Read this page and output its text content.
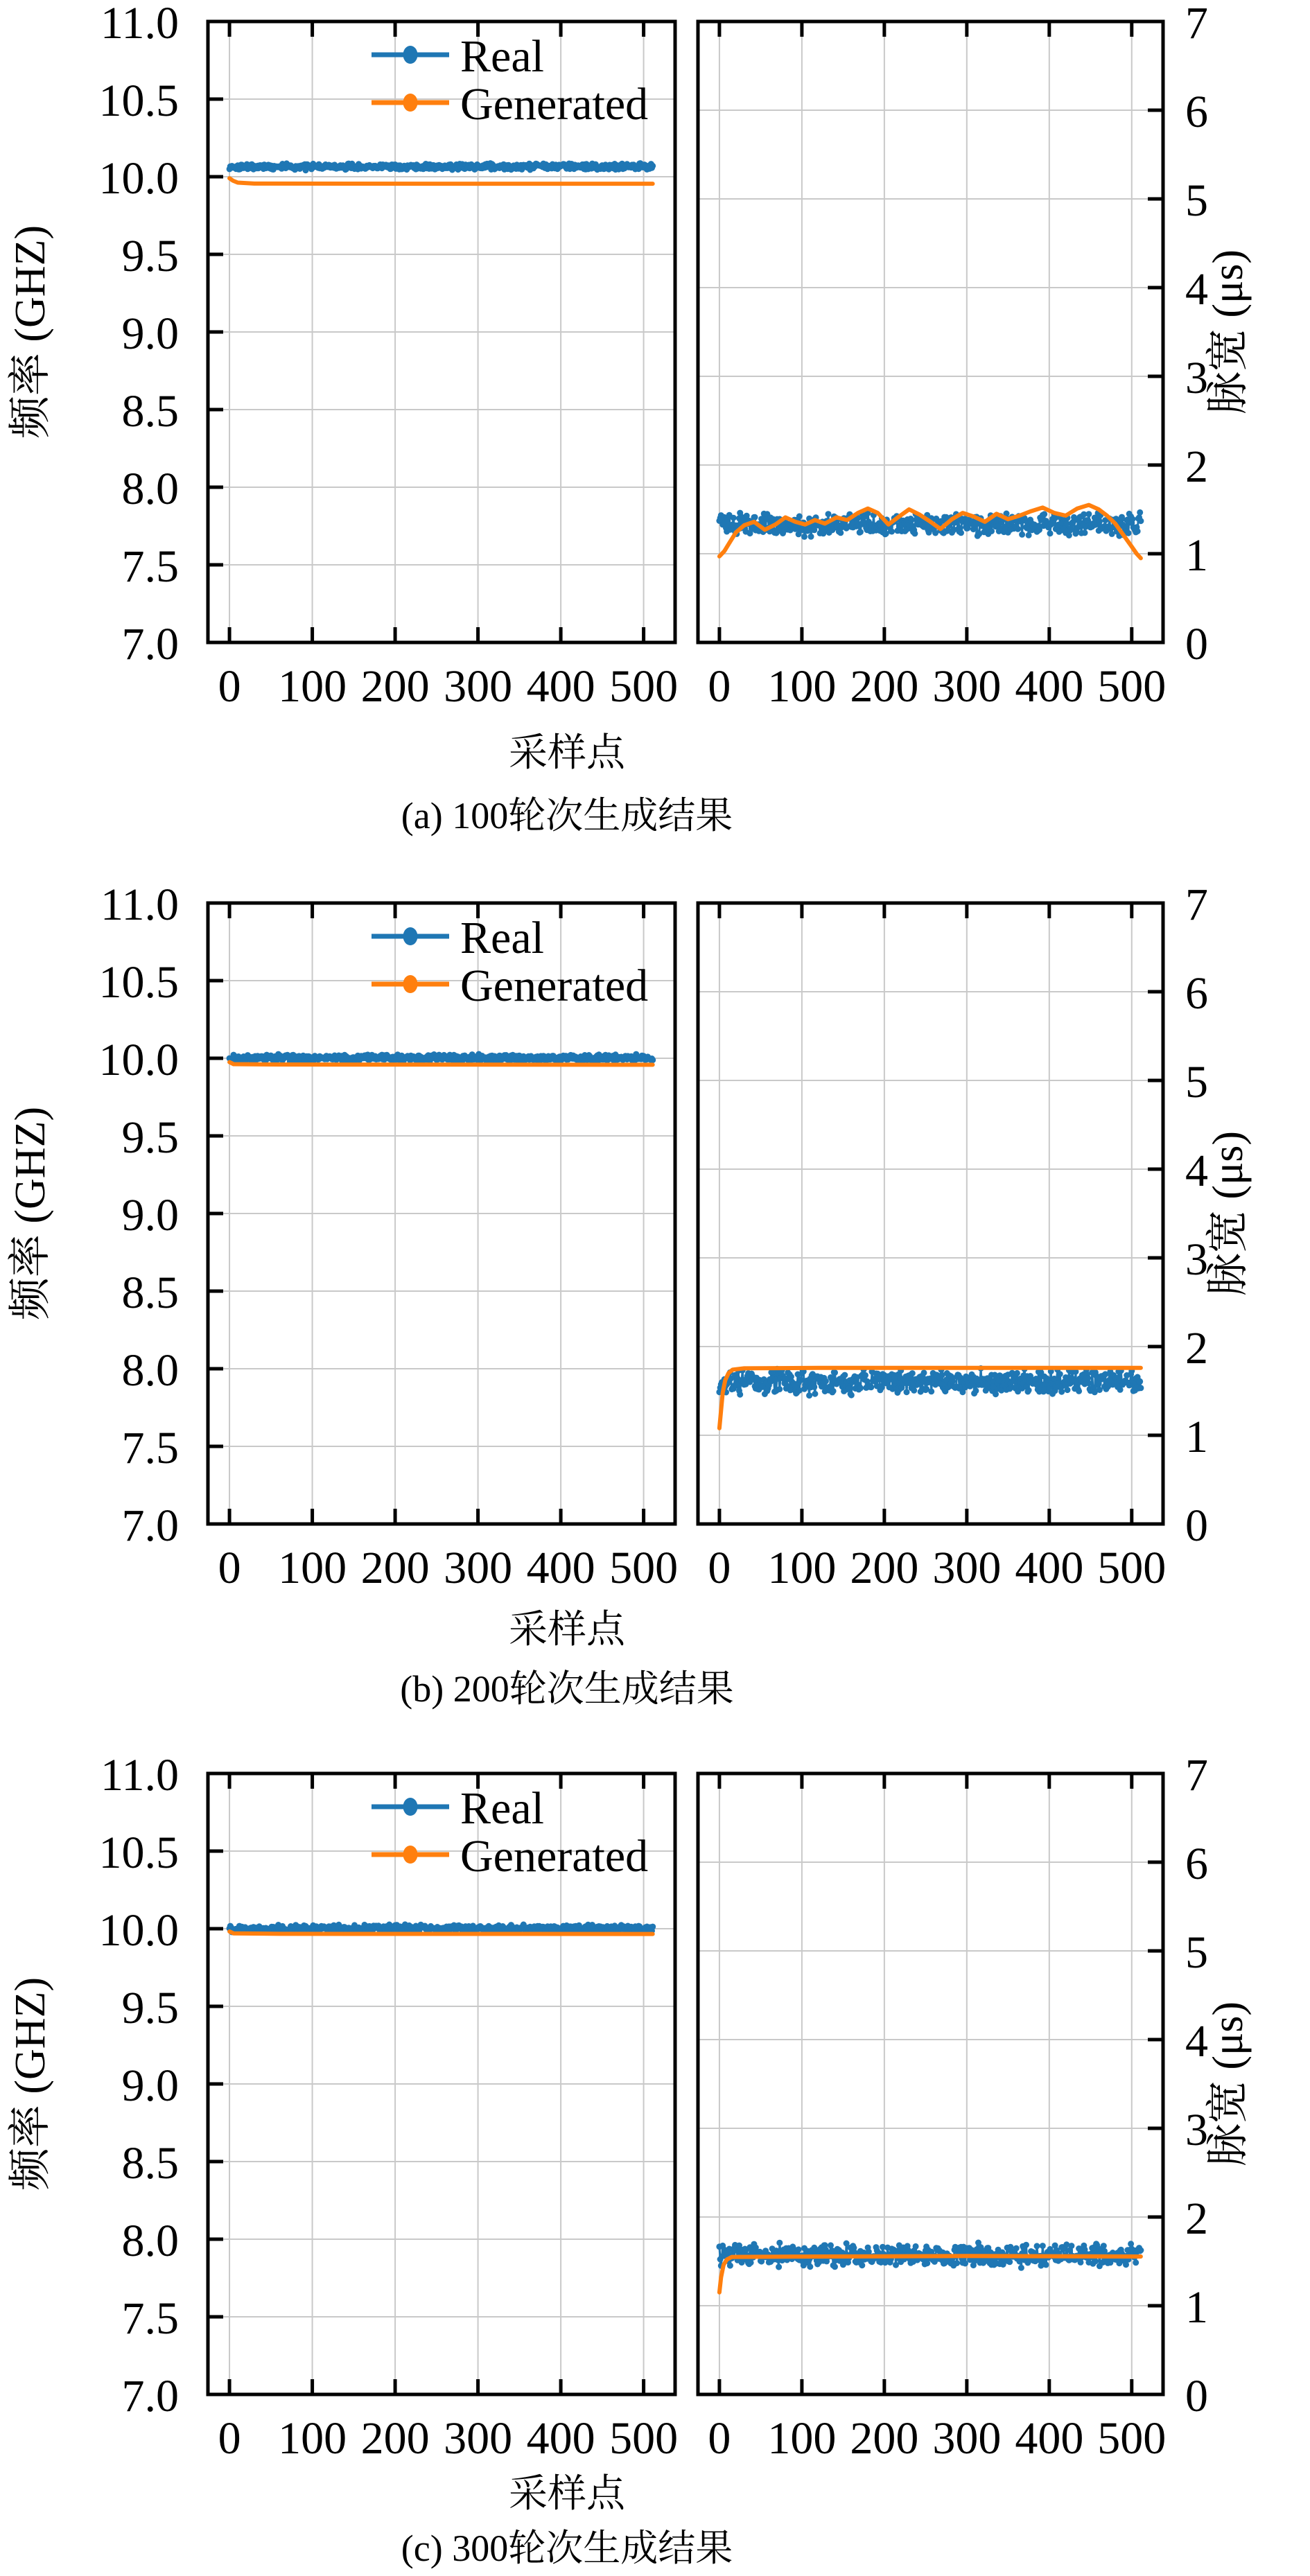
0 100 200 300 400 500
11.0
10.5
10.0
9.5
9.0
8.5
8.0
7.5
7.0
频率 (GHZ)
0 100 200 300 400 500
7
6
5
4
3
2
1
0
脉宽 (μs)
Real
Generated
采样点
(a) 100轮次生成结果
0 100 200 300 400 500
11.0
10.5
10.0
9.5
9.0
8.5
8.0
7.5
7.0
频率 (GHZ)
0 100 200 300 400 500
7
6
5
4
3
2
1
0
脉宽 (μs)
Real
Generated
采样点
(b) 200轮次生成结果
0 100 200 300 400 500
11.0
10.5
10.0
9.5
9.0
8.5
8.0
7.5
7.0
频率 (GHZ)
0 100 200 300 400 500
7
6
5
4
3
2
1
0
脉宽 (μs)
Real
Generated
采样点
(c) 300轮次生成结果
